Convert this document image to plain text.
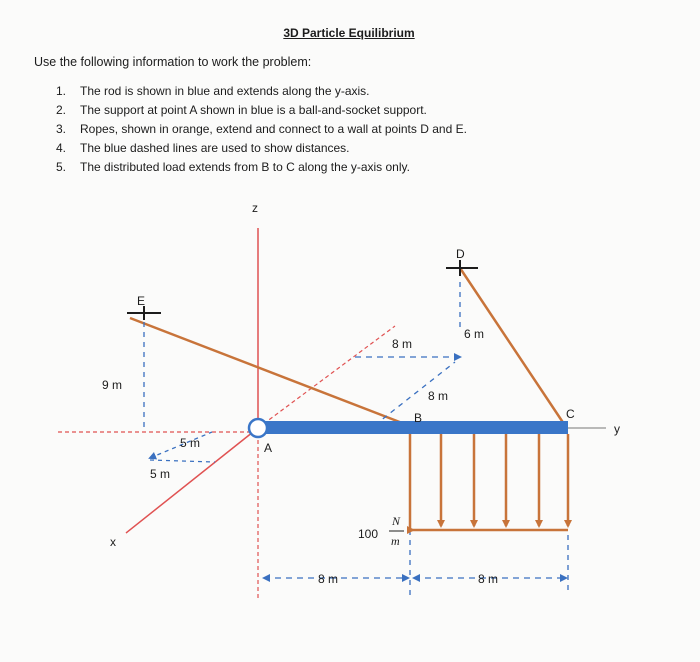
3D Particle Equilibrium
Use the following information to work the problem:
1. The rod is shown in blue and extends along the y-axis.
2. The support at point A shown in blue is a ball-and-socket support.
3. Ropes, shown in orange, extend and connect to a wall at points D and E.
4. The blue dashed lines are used to show distances.
5. The distributed load extends from B to C along the y-axis only.
z
x
y
A
B	C
D
E
9 m
5 m
5 m
8 m
8 m
6 m
8 m	8 m
100
N
m
